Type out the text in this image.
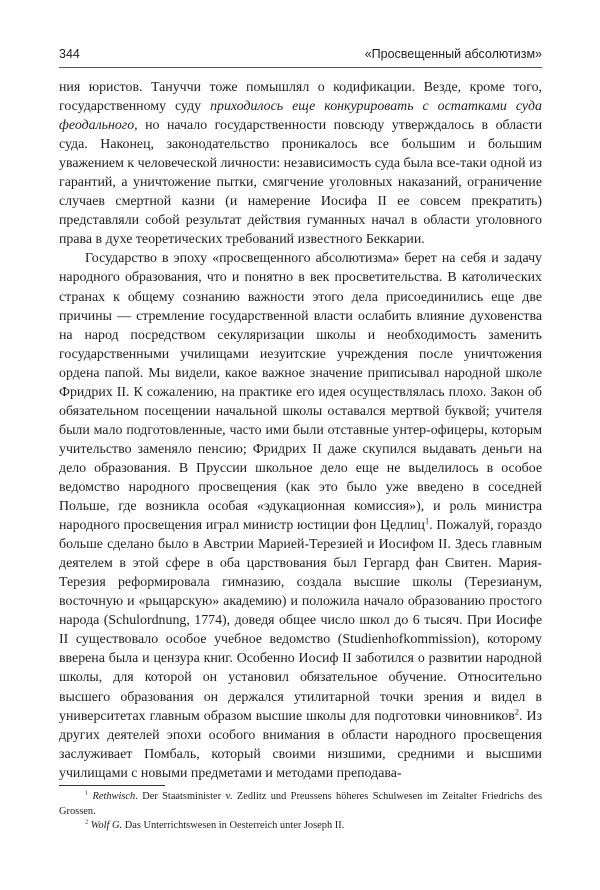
344	«Просвещенный абсолютизм»

ния юристов. Тануччи тоже помышлял о кодификации. Везде, кроме того, государственному суду приходилось еще конкурировать с остатками суда феодального, но начало государственности повсюду утверждалось в области суда. Наконец, законодательство проникалось все большим и большим уважением к человеческой личности: независимость суда была все-таки одной из гарантий, а уничтожение пытки, смягчение уголовных наказаний, ограничение случаев смертной казни (и намерение Иосифа II ее совсем прекратить) представляли собой результат действия гуманных начал в области уголовного права в духе теоретических требований известного Беккарии.

Государство в эпоху «просвещенного абсолютизма» берет на себя и задачу народного образования, что и понятно в век просветительства. В католических странах к общему сознанию важности этого дела присоединились еще две причины — стремление государственной власти ослабить влияние духовенства на народ посредством секуляризации школы и необходимость заменить государственными училищами иезуитские учреждения после уничтожения ордена папой. Мы видели, какое важное значение приписывал народной школе Фридрих II. К сожалению, на практике его идея осуществлялась плохо. Закон об обязательном посещении начальной школы оставался мертвой буквой; учителя были мало подготовленные, часто ими были отставные унтер-офицеры, которым учительство заменяло пенсию; Фридрих II даже скупился выдавать деньги на дело образования. В Пруссии школьное дело еще не выделилось в особое ведомство народного просвещения (как это было уже введено в соседней Польше, где возникла особая «эдукационная комиссия»), и роль министра народного просвещения играл министр юстиции фон Цедлиц$^1$. Пожалуй, гораздо больше сделано было в Австрии Марией-Терезией и Иосифом II. Здесь главным деятелем в этой сфере в оба царствования был Гергард фан Свитен. Мария-Терезия реформировала гимназию, создала высшие школы (Терезианум, восточную и «рыцарскую» академию) и положила начало образованию простого народа (Schulordnung, 1774), доведя общее число школ до 6 тысяч. При Иосифе II существовало особое учебное ведомство (Studienhofkommission), которому вверена была и цензура книг. Особенно Иосиф II заботился о развитии народной школы, для которой он установил обязательное обучение. Относительно высшего образования он держался утилитарной точки зрения и видел в университетах главным образом высшие школы для подготовки чиновников$^2$. Из других деятелей эпохи особого внимания в области народного просвещения заслуживает Помбаль, который своими низшими, средними и высшими училищами с новыми предметами и методами преподава-

$^1$ Rethwisch. Der Staatsminister v. Zedlitz und Preussens höheres Schulwesen im Zeitalter Friedrichs des Grossen.

$^2$ Wolf G. Das Unterrichtswesen in Oesterreich unter Joseph II.
